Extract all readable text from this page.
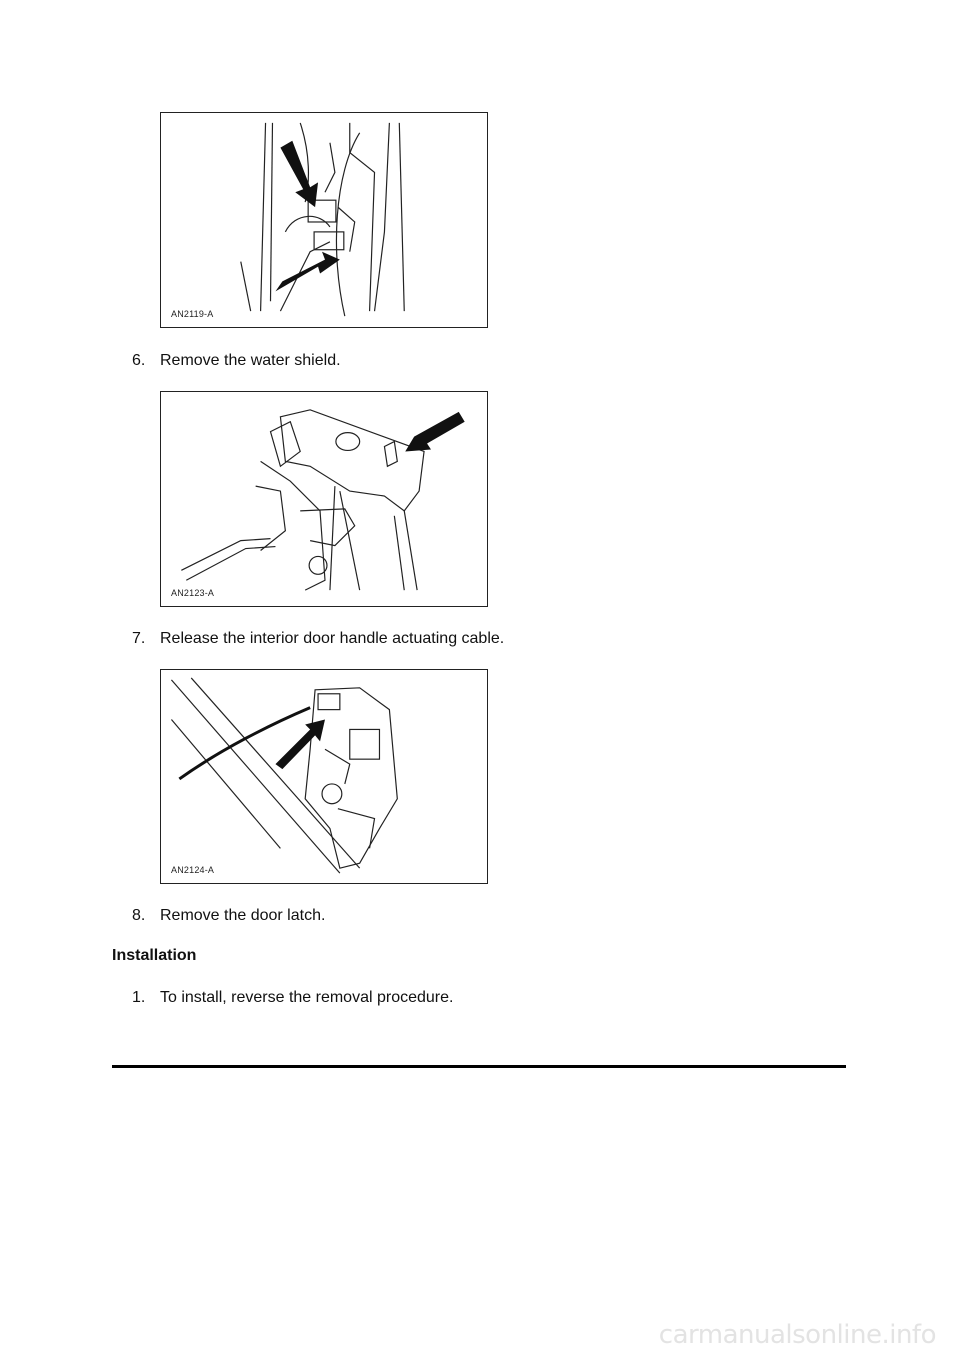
AN2119-A
6. Remove the water shield.
AN2123-A
7. Release the interior door handle actuating cable.
AN2124-A
8. Remove the door latch.
Installation
1. To install, reverse the removal procedure.
carmanualsonline.info
